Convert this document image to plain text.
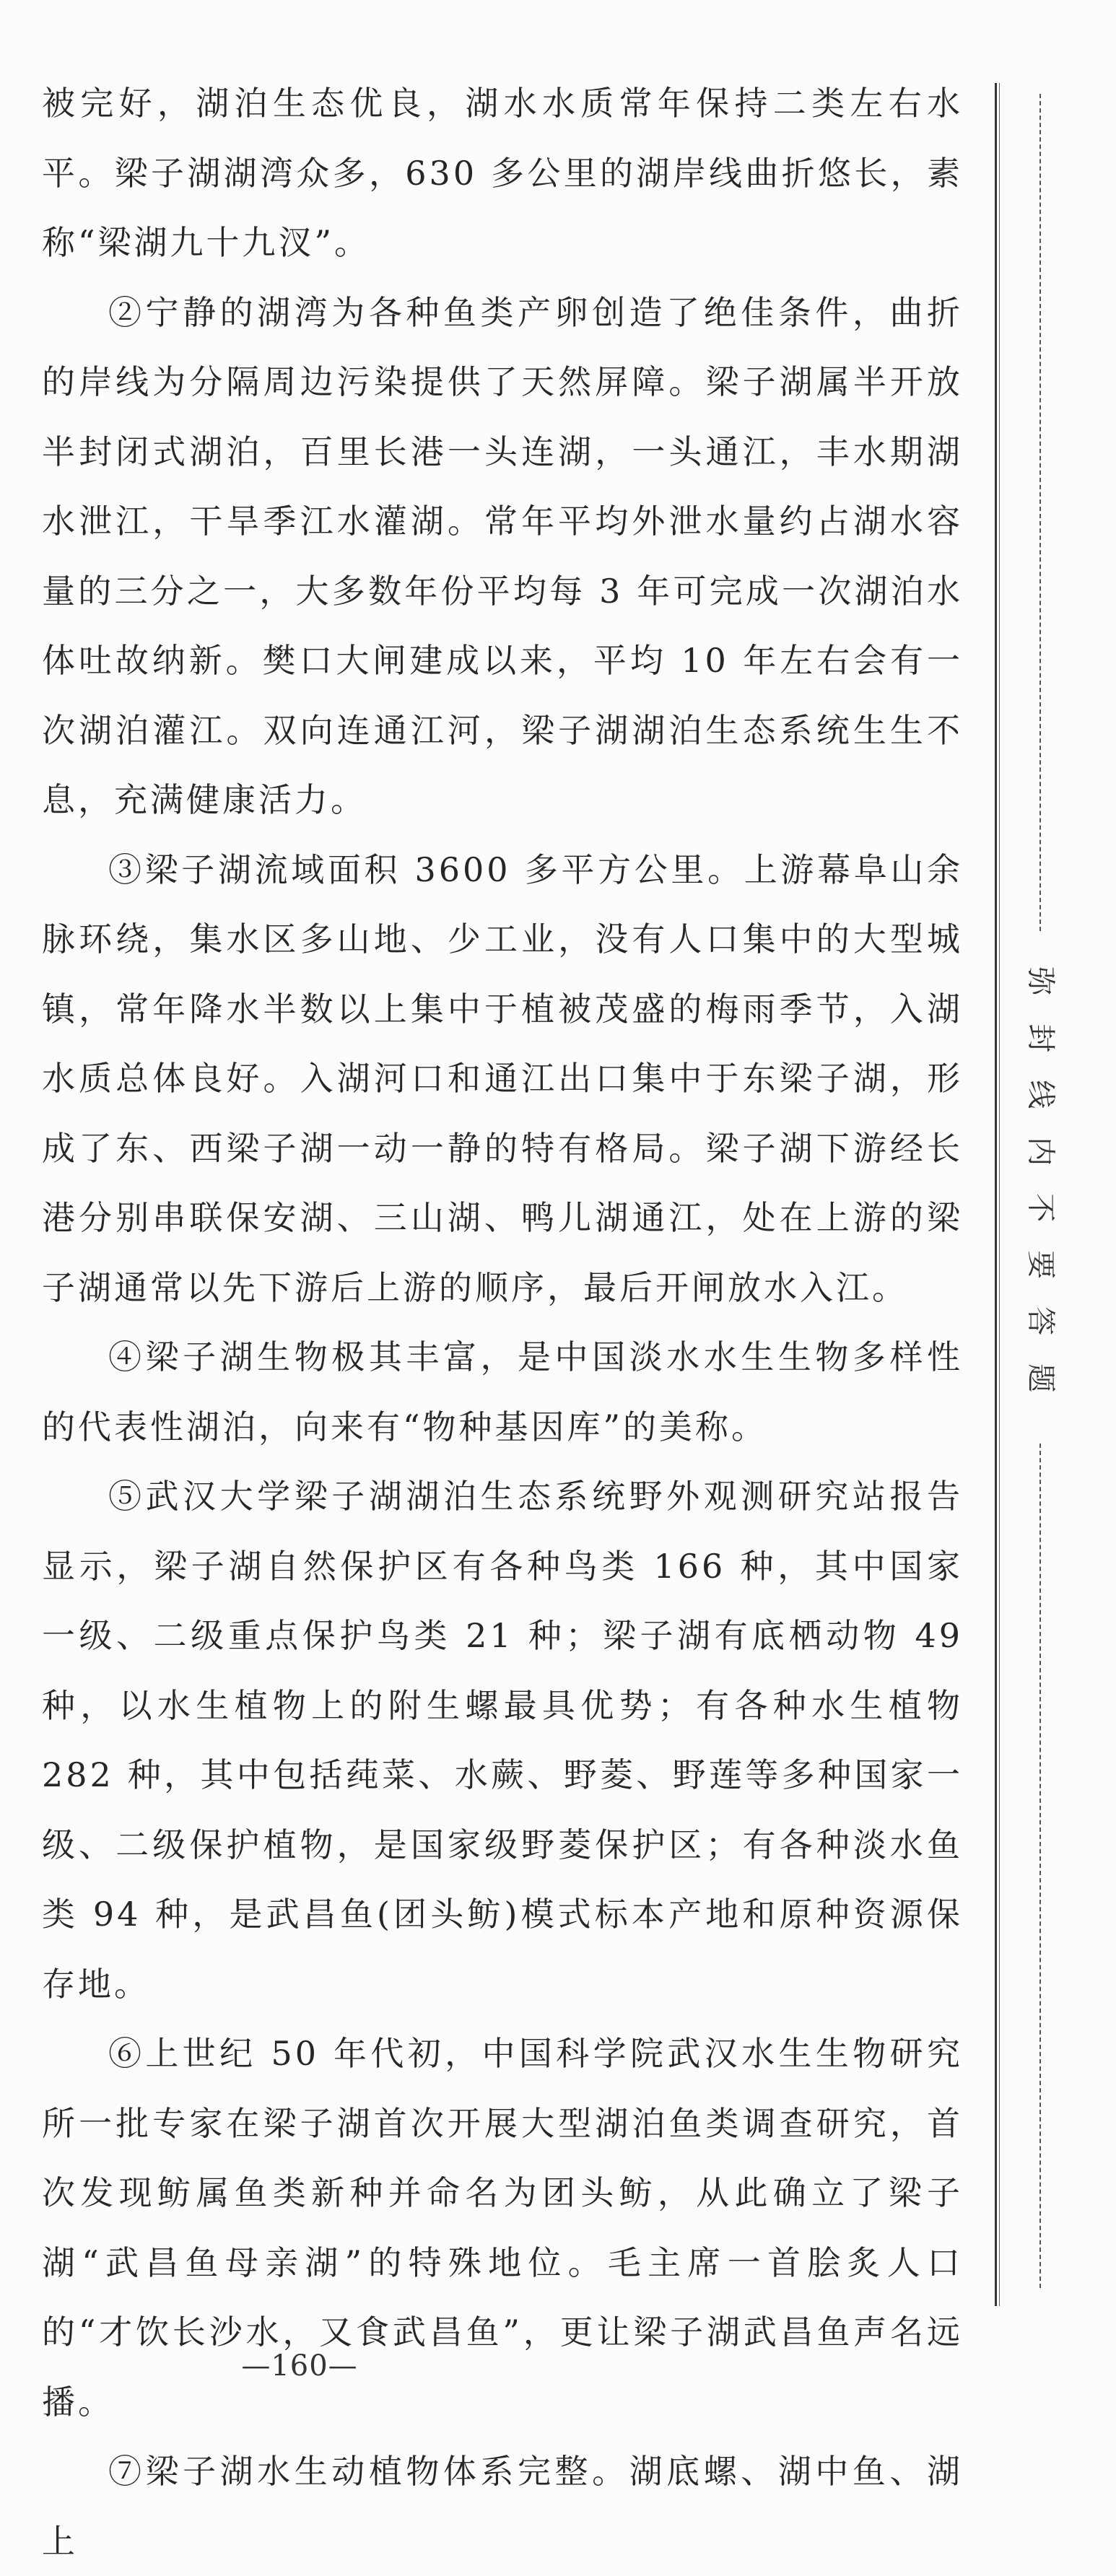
被完好，湖泊生态优良，湖水水质常年保持二类左右水平。梁子湖湖湾众多，630 多公里的湖岸线曲折悠长，素称“梁湖九十九汊”。

②宁静的湖湾为各种鱼类产卵创造了绝佳条件，曲折的岸线为分隔周边污染提供了天然屏障。梁子湖属半开放半封闭式湖泊，百里长港一头连湖，一头通江，丰水期湖水泄江，干旱季江水灌湖。常年平均外泄水量约占湖水容量的三分之一，大多数年份平均每 3 年可完成一次湖泊水体吐故纳新。樊口大闸建成以来，平均 10 年左右会有一次湖泊灌江。双向连通江河，梁子湖湖泊生态系统生生不息，充满健康活力。

③梁子湖流域面积 3600 多平方公里。上游幕阜山余脉环绕，集水区多山地、少工业，没有人口集中的大型城镇，常年降水半数以上集中于植被茂盛的梅雨季节，入湖水质总体良好。入湖河口和通江出口集中于东梁子湖，形成了东、西梁子湖一动一静的特有格局。梁子湖下游经长港分别串联保安湖、三山湖、鸭儿湖通江，处在上游的梁子湖通常以先下游后上游的顺序，最后开闸放水入江。

④梁子湖生物极其丰富，是中国淡水水生生物多样性的代表性湖泊，向来有“物种基因库”的美称。

⑤武汉大学梁子湖湖泊生态系统野外观测研究站报告显示，梁子湖自然保护区有各种鸟类 166 种，其中国家一级、二级重点保护鸟类 21 种；梁子湖有底栖动物 49 种，以水生植物上的附生螺最具优势；有各种水生植物 282 种，其中包括莼菜、水蕨、野菱、野莲等多种国家一级、二级保护植物，是国家级野菱保护区；有各种淡水鱼类 94 种，是武昌鱼(团头鲂)模式标本产地和原种资源保存地。

⑥上世纪 50 年代初，中国科学院武汉水生生物研究所一批专家在梁子湖首次开展大型湖泊鱼类调查研究，首次发现鲂属鱼类新种并命名为团头鲂，从此确立了梁子湖“武昌鱼母亲湖”的特殊地位。毛主席一首脍炙人口的“才饮长沙水，又食武昌鱼”，更让梁子湖武昌鱼声名远播。

⑦梁子湖水生动植物体系完整。湖底螺、湖中鱼、湖上

弥
封
线
内
不
要
答
题
—160—
